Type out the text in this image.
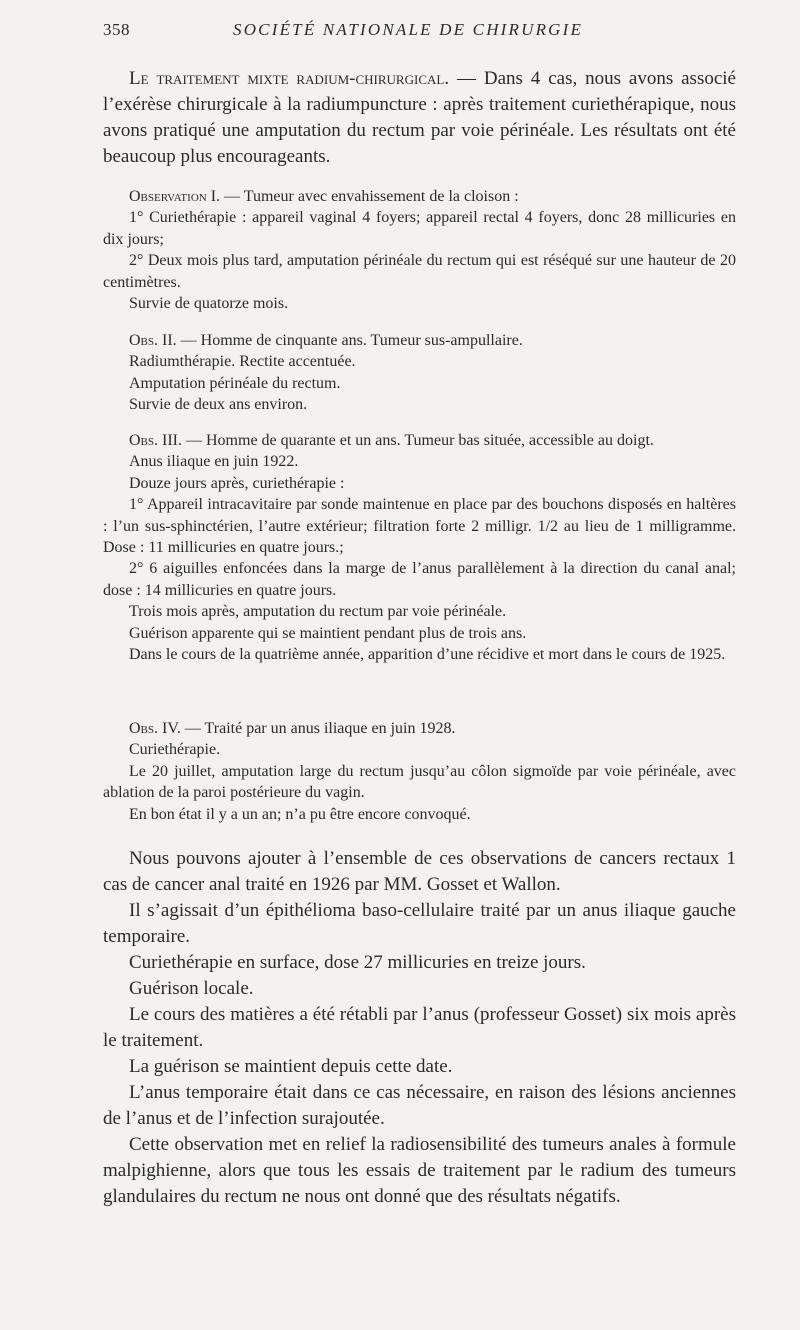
358	SOCIÉTÉ NATIONALE DE CHIRURGIE

Le traitement mixte radium-chirurgical. — Dans 4 cas, nous avons associé l’exérèse chirurgicale à la radiumpuncture : après traitement curiethérapique, nous avons pratiqué une amputation du rectum par voie périnéale. Les résultats ont été beaucoup plus encourageants.

Observation I. — Tumeur avec envahissement de la cloison :

1° Curiethérapie : appareil vaginal 4 foyers; appareil rectal 4 foyers, donc 28 millicuries en dix jours;

2° Deux mois plus tard, amputation périnéale du rectum qui est réséqué sur une hauteur de 20 centimètres.

Survie de quatorze mois.

Obs. II. — Homme de cinquante ans. Tumeur sus-ampullaire.

Radiumthérapie. Rectite accentuée.

Amputation périnéale du rectum.

Survie de deux ans environ.

Obs. III. — Homme de quarante et un ans. Tumeur bas située, accessible au doigt.

Anus iliaque en juin 1922.

Douze jours après, curiethérapie :

1° Appareil intracavitaire par sonde maintenue en place par des bouchons disposés en haltères : l’un sus-sphinctérien, l’autre extérieur; filtration forte 2 milligr. 1/2 au lieu de 1 milligramme. Dose : 11 millicuries en quatre jours.;

2° 6 aiguilles enfoncées dans la marge de l’anus parallèlement à la direction du canal anal; dose : 14 millicuries en quatre jours.

Trois mois après, amputation du rectum par voie périnéale.

Guérison apparente qui se maintient pendant plus de trois ans.

Dans le cours de la quatrième année, apparition d’une récidive et mort dans le cours de 1925.

Obs. IV. — Traité par un anus iliaque en juin 1928.

Curiethérapie.

Le 20 juillet, amputation large du rectum jusqu’au côlon sigmoïde par voie périnéale, avec ablation de la paroi postérieure du vagin.

En bon état il y a un an; n’a pu être encore convoqué.

Nous pouvons ajouter à l’ensemble de ces observations de cancers rectaux 1 cas de cancer anal traité en 1926 par MM. Gosset et Wallon.

Il s’agissait d’un épithélioma baso-cellulaire traité par un anus iliaque gauche temporaire.

Curiethérapie en surface, dose 27 millicuries en treize jours.

Guérison locale.

Le cours des matières a été rétabli par l’anus (professeur Gosset) six mois après le traitement.

La guérison se maintient depuis cette date.

L’anus temporaire était dans ce cas nécessaire, en raison des lésions anciennes de l’anus et de l’infection surajoutée.

Cette observation met en relief la radiosensibilité des tumeurs anales à formule malpighienne, alors que tous les essais de traitement par le radium des tumeurs glandulaires du rectum ne nous ont donné que des résultats négatifs.
